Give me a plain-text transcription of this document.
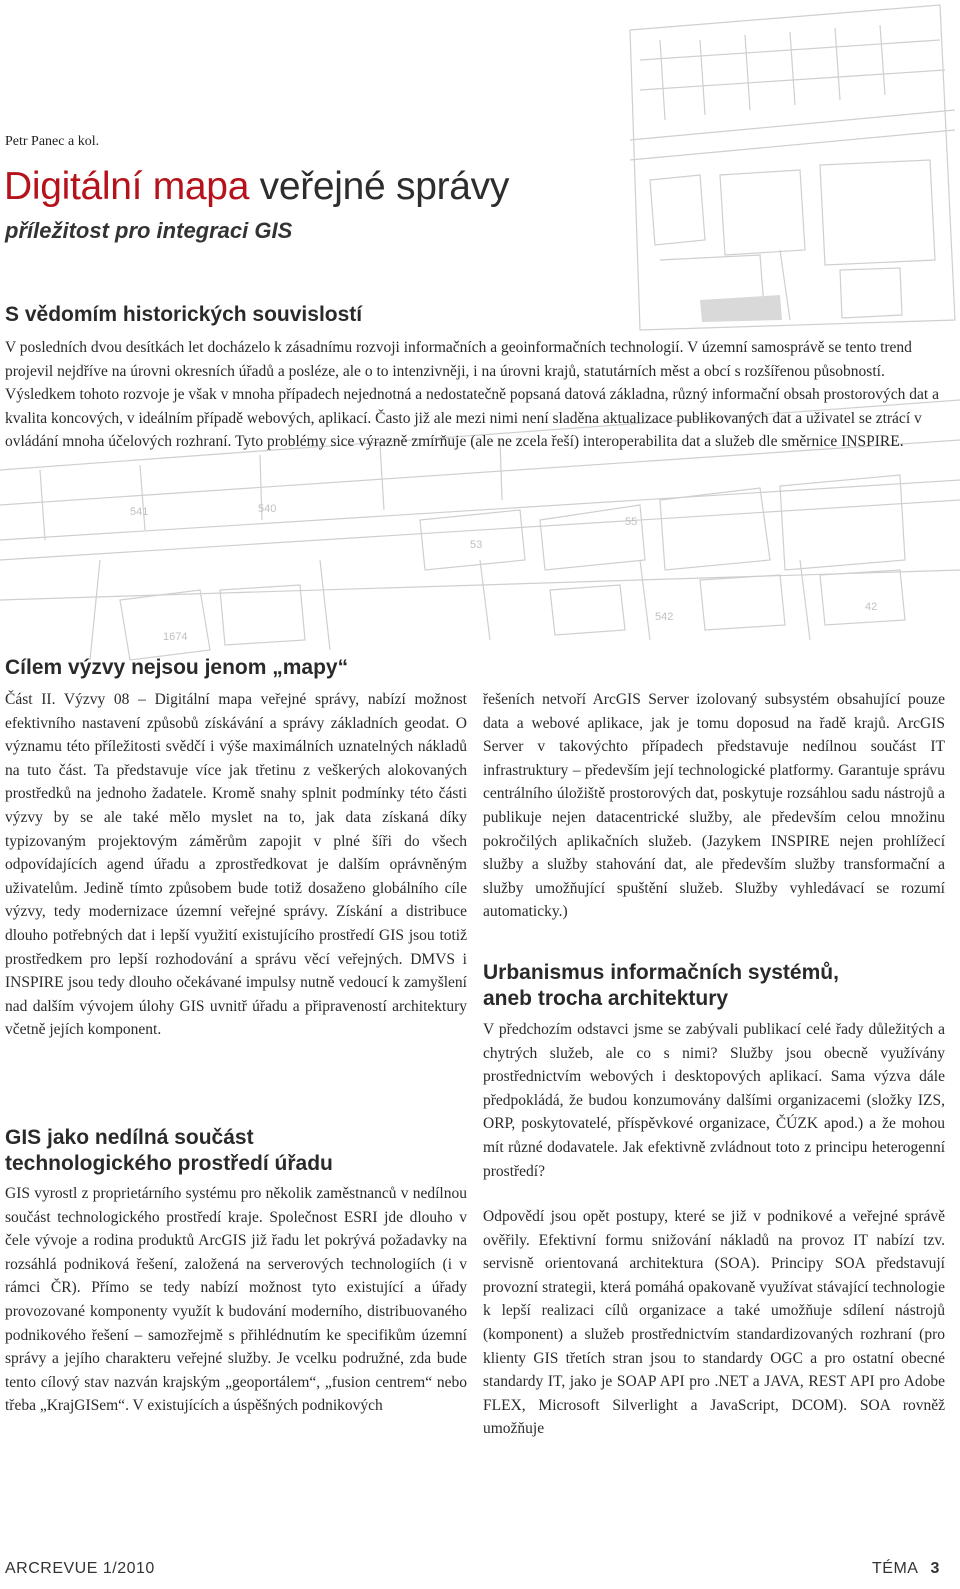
541	540
53
55
42
1674
542
Petr Panec a kol.
Digitální mapa veřejné správy
příležitost pro integraci GIS
S vědomím historických souvislostí

V posledních dvou desítkách let docházelo k zásadnímu rozvoji informačních a geoinformačních technologií. V územní samosprávě se tento trend projevil nejdříve na úrovni okresních úřadů a posléze, ale o to intenzivněji, i na úrovni krajů, statutárních měst a obcí s rozšířenou působností. Výsledkem tohoto rozvoje je však v mnoha případech nejednotná a nedostatečně popsaná datová základna, různý informační obsah prostorových dat a kvalita koncových, v ideálním případě webových, aplikací. Často již ale mezi nimi není sladěna aktualizace publikovaných dat a uživatel se ztrácí v ovládání mnoha účelových rozhraní. Tyto problémy sice výrazně zmírňuje (ale ne zcela řeší) interoperabilita dat a služeb dle směrnice INSPIRE.

Cílem výzvy nejsou jenom „mapy“

Část II. Výzvy 08 – Digitální mapa veřejné správy, nabízí možnost efektivního nastavení způsobů získávání a správy základních geodat. O významu této příležitosti svědčí i výše maximálních uznatelných nákladů na tuto část. Ta představuje více jak třetinu z veškerých alokovaných prostředků na jednoho žadatele. Kromě snahy splnit podmínky této části výzvy by se ale také mělo myslet na to, jak data získaná díky typizovaným projektovým záměrům zapojit v plné šíři do všech odpovídajících agend úřadu a zprostředkovat je dalším oprávněným uživatelům. Jedině tímto způsobem bude totiž dosaženo globálního cíle výzvy, tedy modernizace územní veřejné správy. Získání a distribuce dlouho potřebných dat i lepší využití existujícího prostředí GIS jsou totiž prostředkem pro lepší rozhodování a správu věcí veřejných. DMVS i INSPIRE jsou tedy dlouho očekávané impulsy nutně vedoucí k zamyšlení nad dalším vývojem úlohy GIS uvnitř úřadu a připraveností architektury včetně jejích komponent.

GIS jako nedílná součást
technologického prostředí úřadu

GIS vyrostl z proprietárního systému pro několik zaměstnanců v nedílnou součást technologického prostředí kraje. Společnost ESRI jde dlouho v čele vývoje a rodina produktů ArcGIS již řadu let pokrývá požadavky na rozsáhlá podniková řešení, založená na serverových technologiích (i v rámci ČR). Přímo se tedy nabízí možnost tyto existující a úřady provozované komponenty využít k budování moderního, distribuovaného podnikového řešení – samozřejmě s přihlédnutím ke specifikům územní správy a jejího charakteru veřejné služby. Je vcelku podružné, zda bude tento cílový stav nazván krajským „geoportálem“, „fusion centrem“ nebo třeba „KrajGISem“. V existujících a úspěšných podnikových

řešeních netvoří ArcGIS Server izolovaný subsystém obsahující pouze data a webové aplikace, jak je tomu doposud na řadě krajů. ArcGIS Server v takovýchto případech představuje nedílnou součást IT infrastruktury – především její technologické platformy. Garantuje správu centrálního úložiště prostorových dat, poskytuje rozsáhlou sadu nástrojů a publikuje nejen datacentrické služby, ale především celou množinu pokročilých aplikačních služeb. (Jazykem INSPIRE nejen prohlížecí služby a služby stahování dat, ale především služby transformační a služby umožňující spuštění služeb. Služby vyhledávací se rozumí automaticky.)

Urbanismus informačních systémů,
aneb trocha architektury

V předchozím odstavci jsme se zabývali publikací celé řady důležitých a chytrých služeb, ale co s nimi? Služby jsou obecně využívány prostřednictvím webových i desktopových aplikací. Sama výzva dále předpokládá, že budou konzumovány dalšími organizacemi (složky IZS, ORP, poskytovatelé, příspěvkové organizace, ČÚZK apod.) a že mohou mít různé dodavatele. Jak efektivně zvládnout toto z principu heterogenní prostředí?

Odpovědí jsou opět postupy, které se již v podnikové a veřejné správě ověřily. Efektivní formu snižování nákladů na provoz IT nabízí tzv. servisně orientovaná architektura (SOA). Principy SOA představují provozní strategii, která pomáhá opakovaně využívat stávající technologie k lepší realizaci cílů organizace a také umožňuje sdílení nástrojů (komponent) a služeb prostřednictvím standardizovaných rozhraní (pro klienty GIS třetích stran jsou to standardy OGC a pro ostatní obecné standardy IT, jako je SOAP API pro .NET a JAVA, REST API pro Adobe FLEX, Microsoft Silverlight a JavaScript, DCOM). SOA rovněž umožňuje

ARCREVUE 1/2010	TÉMA 3
